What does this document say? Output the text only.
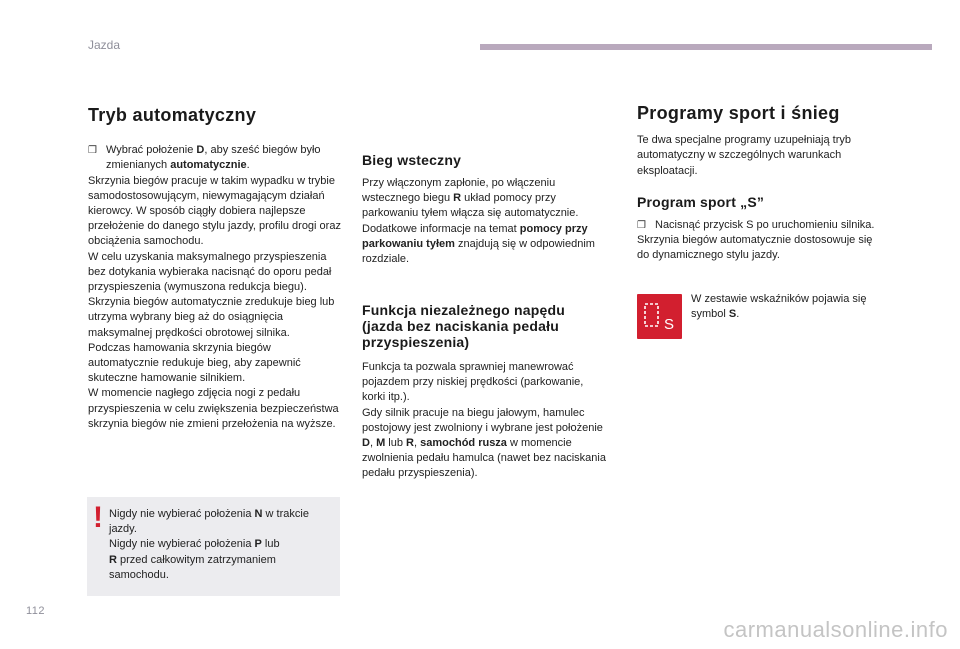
Jazda
Tryb automatyczny
❒ Wybrać położenie D, aby sześć biegów było zmienianych automatycznie.

Skrzynia biegów pracuje w takim wypadku w trybie samodostosowującym, niewymagającym działań kierowcy. W sposób ciągły dobiera najlepsze przełożenie do danego stylu jazdy, profilu drogi oraz obciążenia samochodu.

W celu uzyskania maksymalnego przyspieszenia bez dotykania wybieraka nacisnąć do oporu pedał przyspieszenia (wymuszona redukcja biegu). Skrzynia biegów automatycznie zredukuje bieg lub utrzyma wybrany bieg aż do osiągnięcia maksymalnej prędkości obrotowej silnika.

Podczas hamowania skrzynia biegów automatycznie redukuje bieg, aby zapewnić skuteczne hamowanie silnikiem.

W momencie nagłego zdjęcia nogi z pedału przyspieszenia w celu zwiększenia bezpieczeństwa skrzynia biegów nie zmieni przełożenia na wyższe.

! Nigdy nie wybierać położenia N w trakcie jazdy.
Nigdy nie wybierać położenia P lub
R przed całkowitym zatrzymaniem samochodu.
Bieg wsteczny

Przy włączonym zapłonie, po włączeniu wstecznego biegu R układ pomocy przy parkowaniu tyłem włącza się automatycznie.

Dodatkowe informacje na temat pomocy przy parkowaniu tyłem znajdują się w odpowiednim rozdziale.

Funkcja niezależnego napędu (jazda bez naciskania pedału przyspieszenia)

Funkcja ta pozwala sprawniej manewrować pojazdem przy niskiej prędkości (parkowanie, korki itp.).

Gdy silnik pracuje na biegu jałowym, hamulec postojowy jest zwolniony i wybrane jest położenie D, M lub R, samochód rusza w momencie zwolnienia pedału hamulca (nawet bez naciskania pedału przyspieszenia).

Programy sport i śnieg

Te dwa specjalne programy uzupełniają tryb automatyczny w szczególnych warunkach eksploatacji.

Program sport „S”
❒ Nacisnąć przycisk S po uruchomieniu silnika.

Skrzynia biegów automatycznie dostosowuje się do dynamicznego stylu jazdy.

S

W zestawie wskaźników pojawia się symbol S.

112
carmanualsonline.info
